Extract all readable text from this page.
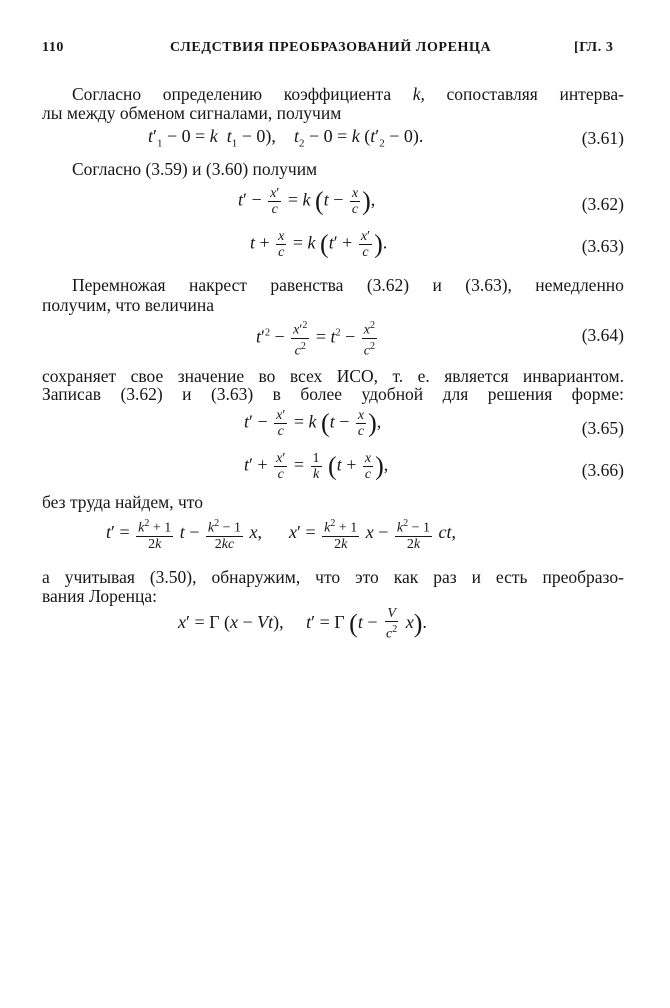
110	СЛЕДСТВИЯ ПРЕОБРАЗОВАНИЙ ЛОРЕНЦА	[ГЛ. 3
Согласно определению коэффициента k, сопоставляя интерва-
лы между обменом сигналами, получим
$t'_1 - 0 = k$ $t_1 - 0$),    $t_2 - 0 = k$ $(t'_2 - 0)$.	(3.61)
Согласно (3.59) и (3.60) получим
$t' - \frac{x'}{c} = k$ ($t - \frac{x}{c}$ ),	(3.62)
$t + \frac{x}{c} = k$ ($t' + \frac{x'}{c}$ ).	(3.63)
Перемножая накрест равенства (3.62) и (3.63), немедленно
получим, что величина
$t'^2 - \frac{x'^2}{c^2} = t^2 - \frac{x^2}{c^2}$	(3.64)
сохраняет свое значение во всех ИСО, т. е. является инвариантом.
Записав (3.62) и (3.63) в более удобной для решения форме:
$t' - \frac{x'}{c} = k$ ($t - \frac{x}{c}$ ),	(3.65)
$t' + \frac{x'}{c} = \frac{1}{k} (t + \frac{x}{c}$ ),	(3.66)
без труда найдем, что
$t' = \frac{k^2 + 1}{2k}$ $t - \frac{k^2 - 1}{2kc} x$,      $x' = \frac{k^2 + 1}{2k}$ $x - \frac{k^2 - 1}{2k}$ ct,
а учитывая (3.50), обнаружим, что это как раз и есть преобразо-
вания Лоренца:
x′ = Γ (x − Vt),     t′ = Γ $(t - \frac{V}{c^2} x)$.
